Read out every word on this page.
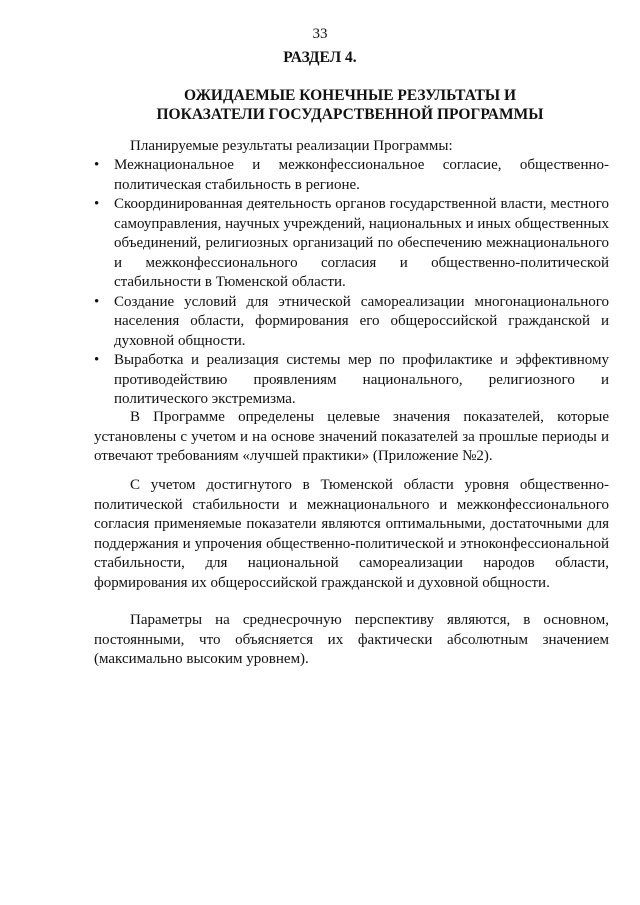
33
РАЗДЕЛ 4.
ОЖИДАЕМЫЕ КОНЕЧНЫЕ РЕЗУЛЬТАТЫ И
ПОКАЗАТЕЛИ ГОСУДАРСТВЕННОЙ ПРОГРАММЫ
Планируемые результаты реализации Программы:
• Межнациональное и межконфессиональное согласие, общественно-политическая стабильность в регионе.
• Скоординированная деятельность органов государственной власти, местного самоуправления, научных учреждений, национальных и иных общественных объединений, религиозных организаций по обеспечению межнационального и межконфессионального согласия и общественно-политической стабильности в Тюменской области.
• Создание условий для этнической самореализации многонационального населения области, формирования его общероссийской гражданской и духовной общности.
• Выработка и реализация системы мер по профилактике и эффективному противодействию проявлениям национального, религиозного и политического экстремизма.
В Программе определены целевые значения показателей, которые установлены с учетом и на основе значений показателей за прошлые периоды и отвечают требованиям «лучшей практики» (Приложение №2).
С учетом достигнутого в Тюменской области уровня общественно-политической стабильности и межнационального и межконфессионального согласия применяемые показатели являются оптимальными, достаточными для поддержания и упрочения общественно-политической и этноконфессиональной стабильности, для национальной самореализации народов области, формирования их общероссийской гражданской и духовной общности.
Параметры на среднесрочную перспективу являются, в основном, постоянными, что объясняется их фактически абсолютным значением (максимально высоким уровнем).
